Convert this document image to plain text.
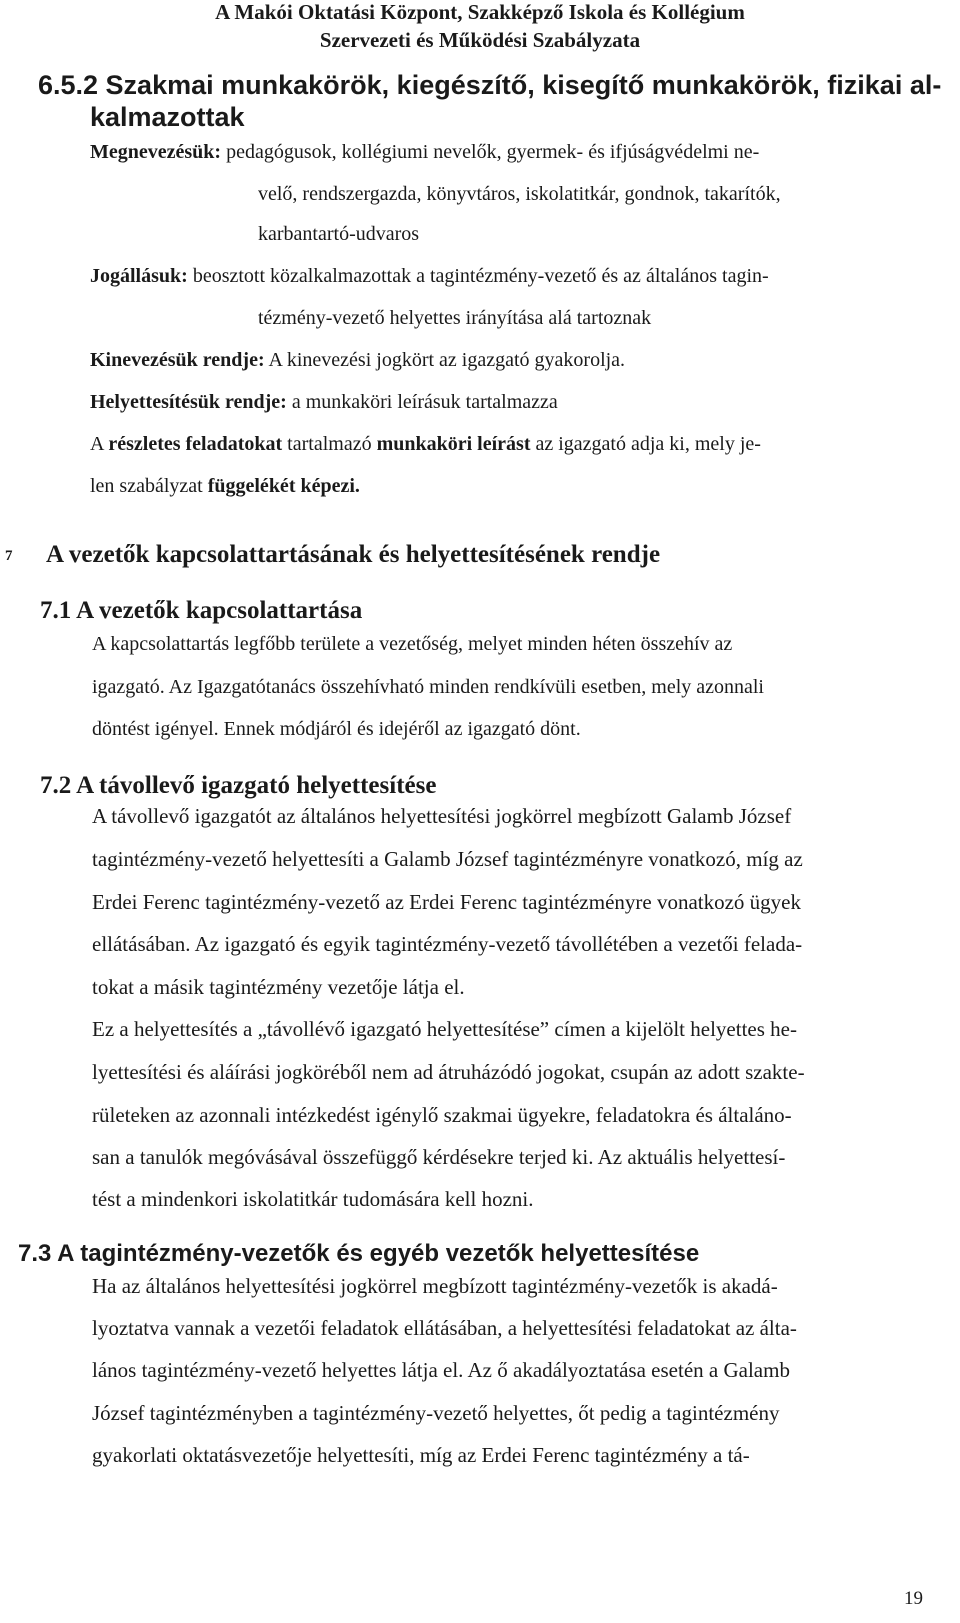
A Makói Oktatási Központ, Szakképző Iskola és Kollégium
Szervezeti és Működési Szabályzata
6.5.2 Szakmai munkakörök, kiegészítő, kisegítő munkakörök, fizikai al-
kalmazottak
Megnevezésük: pedagógusok, kollégiumi nevelők, gyermek- és ifjúságvédelmi ne-
velő, rendszergazda, könyvtáros, iskolatitkár, gondnok, takarítók,
karbantartó-udvaros
Jogállásuk: beosztott közalkalmazottak a tagintézmény-vezető és az általános tagin-
tézmény-vezető helyettes irányítása alá tartoznak
Kinevezésük rendje: A kinevezési jogkört az igazgató gyakorolja.
Helyettesítésük rendje: a munkaköri leírásuk tartalmazza
A részletes feladatokat tartalmazó munkaköri leírást az igazgató adja ki, mely je-
len szabályzat függelékét képezi.
7 A vezetők kapcsolattartásának és helyettesítésének rendje
7.1 A vezetők kapcsolattartása
A kapcsolattartás legfőbb területe a vezetőség, melyet minden héten összehív az
igazgató. Az Igazgatótanács összehívható minden rendkívüli esetben, mely azonnali
döntést igényel. Ennek módjáról és idejéről az igazgató dönt.
7.2 A távollevő igazgató helyettesítése
A távollevő igazgatót az általános helyettesítési jogkörrel megbízott Galamb József
tagintézmény-vezető helyettesíti a Galamb József tagintézményre vonatkozó, míg az
Erdei Ferenc tagintézmény-vezető az Erdei Ferenc tagintézményre vonatkozó ügyek
ellátásában. Az igazgató és egyik tagintézmény-vezető távollétében a vezetői felada-
tokat a másik tagintézmény vezetője látja el.
Ez a helyettesítés a „távollévő igazgató helyettesítése” címen a kijelölt helyettes he-
lyettesítési és aláírási jogköréből nem ad átruházódó jogokat, csupán az adott szakte-
rületeken az azonnali intézkedést igénylő szakmai ügyekre, feladatokra és általáno-
san a tanulók megóvásával összefüggő kérdésekre terjed ki. Az aktuális helyettesí-
tést a mindenkori iskolatitkár tudomására kell hozni.
7.3 A tagintézmény-vezetők és egyéb vezetők helyettesítése
Ha az általános helyettesítési jogkörrel megbízott tagintézmény-vezetők is akadá-
lyoztatva vannak a vezetői feladatok ellátásában, a helyettesítési feladatokat az álta-
lános tagintézmény-vezető helyettes látja el. Az ő akadályoztatása esetén a Galamb
József tagintézményben a tagintézmény-vezető helyettes, őt pedig a tagintézmény
gyakorlati oktatásvezetője helyettesíti, míg az Erdei Ferenc tagintézmény a tá-
19
